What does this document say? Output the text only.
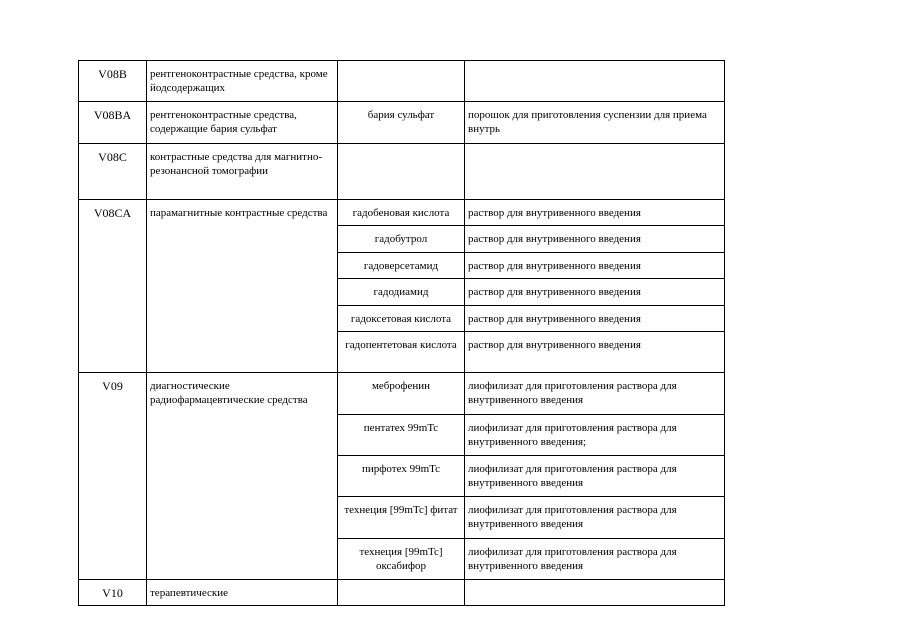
V08B	рентгеноконтрастные средства, кроме йодсодержащих		
V08BA	рентгеноконтрастные средства, содержащие бария сульфат	бария сульфат	порошок для приготовления суспензии для приема внутрь
V08C	контрастные средства для магнитно-резонансной томографии		
V08CA	парамагнитные контрастные средства	гадобеновая кислота	раствор для внутривенного введения
		гадобутрол	раствор для внутривенного введения
		гадоверсетамид	раствор для внутривенного введения
		гадодиамид	раствор для внутривенного введения
		гадоксетовая кислота	раствор для внутривенного введения
		гадопентетовая кислота	раствор для внутривенного введения
V09	диагностические радиофармацевтические средства	меброфенин	лиофилизат для приготовления раствора для внутривенного введения
		пентатех 99mTc	лиофилизат для приготовления раствора для внутривенного введения;
		пирфотех 99mTc	лиофилизат для приготовления раствора для внутривенного введения
		технеция [99mTc] фитат	лиофилизат для приготовления раствора для внутривенного введения
		технеция [99mTc] оксабифор	лиофилизат для приготовления раствора для внутривенного введения
V10	терапевтические		
